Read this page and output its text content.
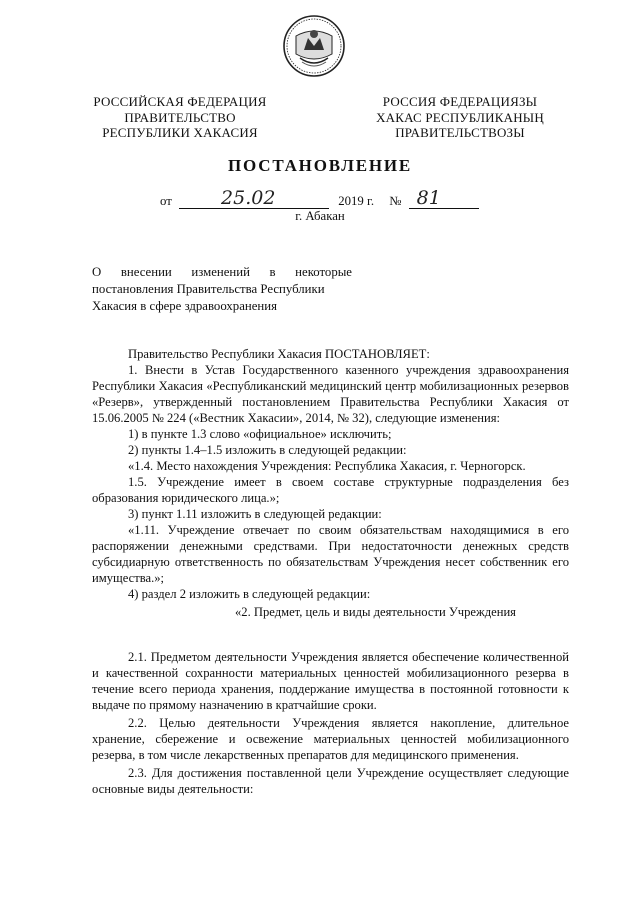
РОССИЙСКАЯ ФЕДЕРАЦИЯ
ПРАВИТЕЛЬСТВО
РЕСПУБЛИКИ ХАКАСИЯ
РОССИЯ ФЕДЕРАЦИЯЗЫ
ХАКАС РЕСПУБЛИКАНЫҢ
ПРАВИТЕЛЬСТВОЗЫ
ПОСТАНОВЛЕНИЕ
от	25.02	2019 г. № 81
г. Абакан
О внесении изменений в некоторые
постановления Правительства Республики
Хакасия в сфере здравоохранения

Правительство Республики Хакасия ПОСТАНОВЛЯЕТ:

1. Внести в Устав Государственного казенного учреждения здравоохранения Республики Хакасия «Республиканский медицинский центр мобилизационных резервов «Резерв», утвержденный постановлением Правительства Республики Хакасия от 15.06.2005 № 224 («Вестник Хакасии», 2014, № 32), следующие изменения:

1) в пункте 1.3 слово «официальное» исключить;

2) пункты 1.4–1.5 изложить в следующей редакции:

«1.4. Место нахождения Учреждения: Республика Хакасия, г. Черногорск.

1.5. Учреждение имеет в своем составе структурные подразделения без образования юридического лица.»;

3) пункт 1.11 изложить в следующей редакции:

«1.11. Учреждение отвечает по своим обязательствам находящимися в его распоряжении денежными средствами. При недостаточности денежных средств субсидиарную ответственность по обязательствам Учреждения несет собственник его имущества.»;

4) раздел 2 изложить в следующей редакции:

«2. Предмет, цель и виды деятельности Учреждения

2.1. Предметом деятельности Учреждения является обеспечение количественной и качественной сохранности материальных ценностей мобилизационного резерва в течение всего периода хранения, поддержание имущества в постоянной готовности к выдаче по прямому назначению в кратчайшие сроки.

2.2. Целью деятельности Учреждения является накопление, длительное хранение, сбережение и освежение материальных ценностей мобилизационного резерва, в том числе лекарственных препаратов для медицинского применения.

2.3. Для достижения поставленной цели Учреждение осуществляет следующие основные виды деятельности:
